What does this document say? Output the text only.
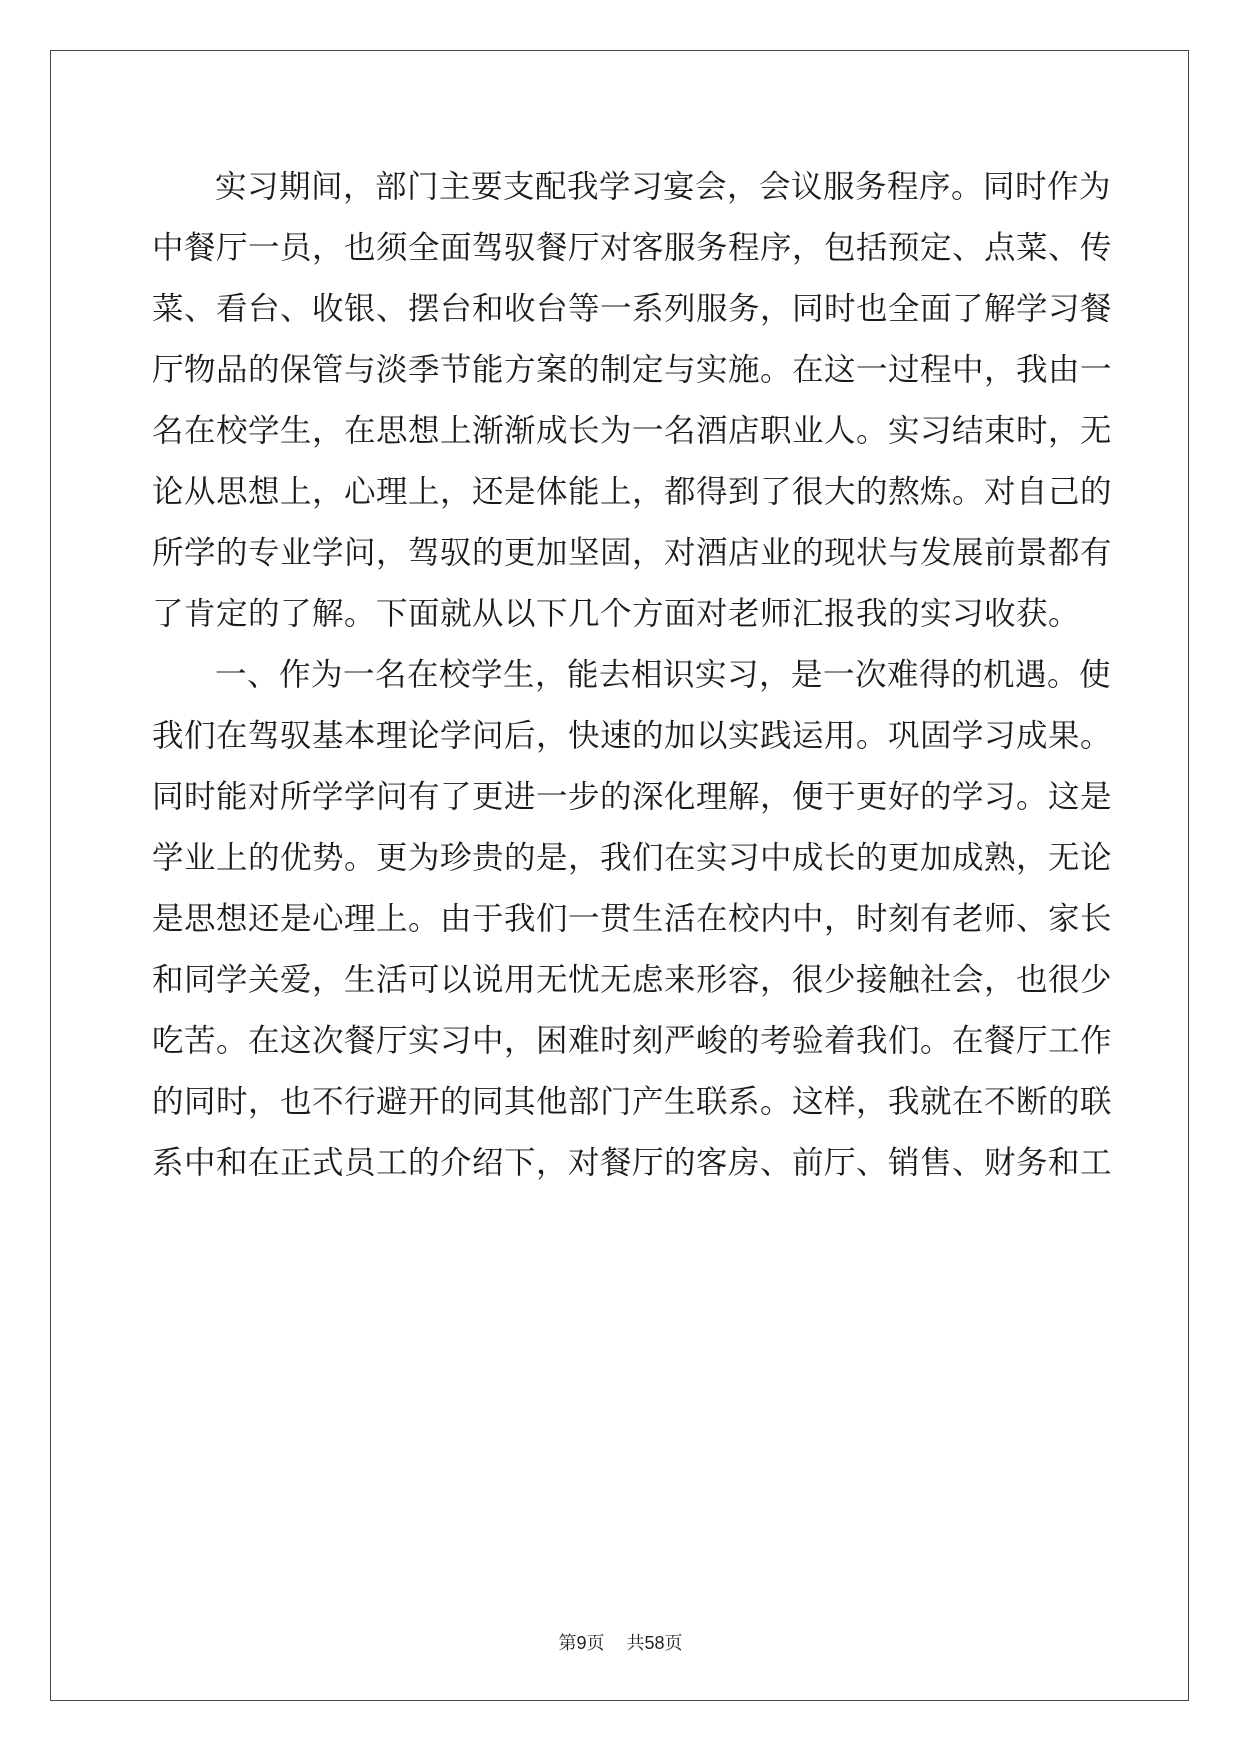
实习期间，部门主要支配我学习宴会，会议服务程序。同时作为
中餐厅一员，也须全面驾驭餐厅对客服务程序，包括预定、点菜、传
菜、看台、收银、摆台和收台等一系列服务，同时也全面了解学习餐
厅物品的保管与淡季节能方案的制定与实施。在这一过程中，我由一
名在校学生，在思想上渐渐成长为一名酒店职业人。实习结束时，无
论从思想上，心理上，还是体能上，都得到了很大的熬炼。对自己的
所学的专业学问，驾驭的更加坚固，对酒店业的现状与发展前景都有
了肯定的了解。下面就从以下几个方面对老师汇报我的实习收获。
一、作为一名在校学生，能去相识实习，是一次难得的机遇。使
我们在驾驭基本理论学问后，快速的加以实践运用。巩固学习成果。
同时能对所学学问有了更进一步的深化理解，便于更好的学习。这是
学业上的优势。更为珍贵的是，我们在实习中成长的更加成熟，无论
是思想还是心理上。由于我们一贯生活在校内中，时刻有老师、家长
和同学关爱，生活可以说用无忧无虑来形容，很少接触社会，也很少
吃苦。在这次餐厅实习中，困难时刻严峻的考验着我们。在餐厅工作
的同时，也不行避开的同其他部门产生联系。这样，我就在不断的联
系中和在正式员工的介绍下，对餐厅的客房、前厅、销售、财务和工
第9页 共58页
